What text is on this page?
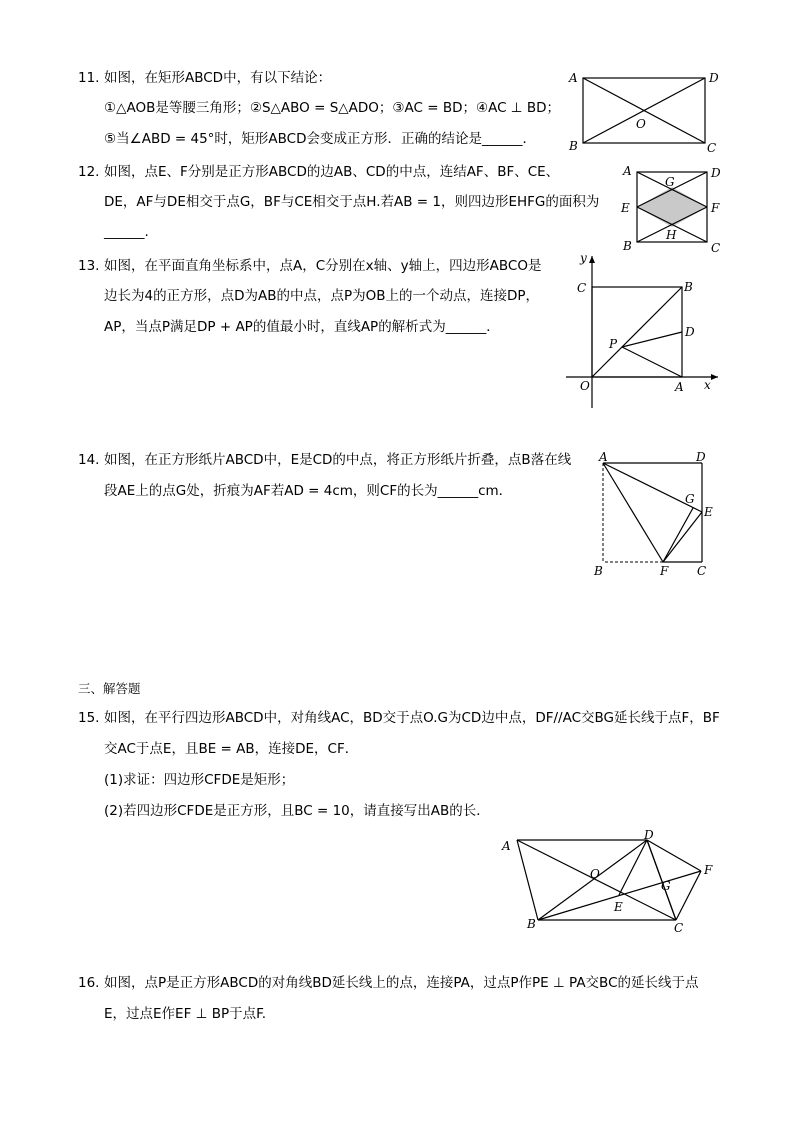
11. 如图，在矩形ABCD中，有以下结论：
①△AOB是等腰三角形；②S△ABO = S△ADO；③AC = BD；④AC ⊥ BD；
⑤当∠ABD = 45°时，矩形ABCD会变成正方形．正确的结论是______．
A	D
B	C
O
12. 如图，点E、F分别是正方形ABCD的边AB、CD的中点，连结AF、BF、CE、
DE，AF与DE相交于点G，BF与CE相交于点H.若AB = 1，则四边形EHFG的面积为
______.
A	D
E	F
G
H
B	C
13. 如图，在平面直角坐标系中，点A，C分别在x轴、y轴上，四边形ABCO是
边长为4的正方形，点D为AB的中点，点P为OB上的一个动点，连接DP，
AP，当点P满足DP + AP的值最小时，直线AP的解析式为______．
y
x
C	B
D
P
O	A
14. 如图，在正方形纸片ABCD中，E是CD的中点，将正方形纸片折叠，点B落在线
段AE上的点G处，折痕为AF若AD = 4cm，则CF的长为______cm．
A	D
G
E
B	F C
三、解答题
15. 如图，在平行四边形ABCD中，对角线AC，BD交于点O.G为CD边中点，DF//AC交BG延长线于点F，BF
交AC于点E，且BE = AB，连接DE，CF．
(1)求证：四边形CFDE是矩形；
(2)若四边形CFDE是正方形，且BC = 10，请直接写出AB的长．
A
D
F
O
G
E
B	C
16. 如图，点P是正方形ABCD的对角线BD延长线上的点，连接PA，过点P作PE ⊥ PA交BC的延长线于点
E，过点E作EF ⊥ BP于点F.
